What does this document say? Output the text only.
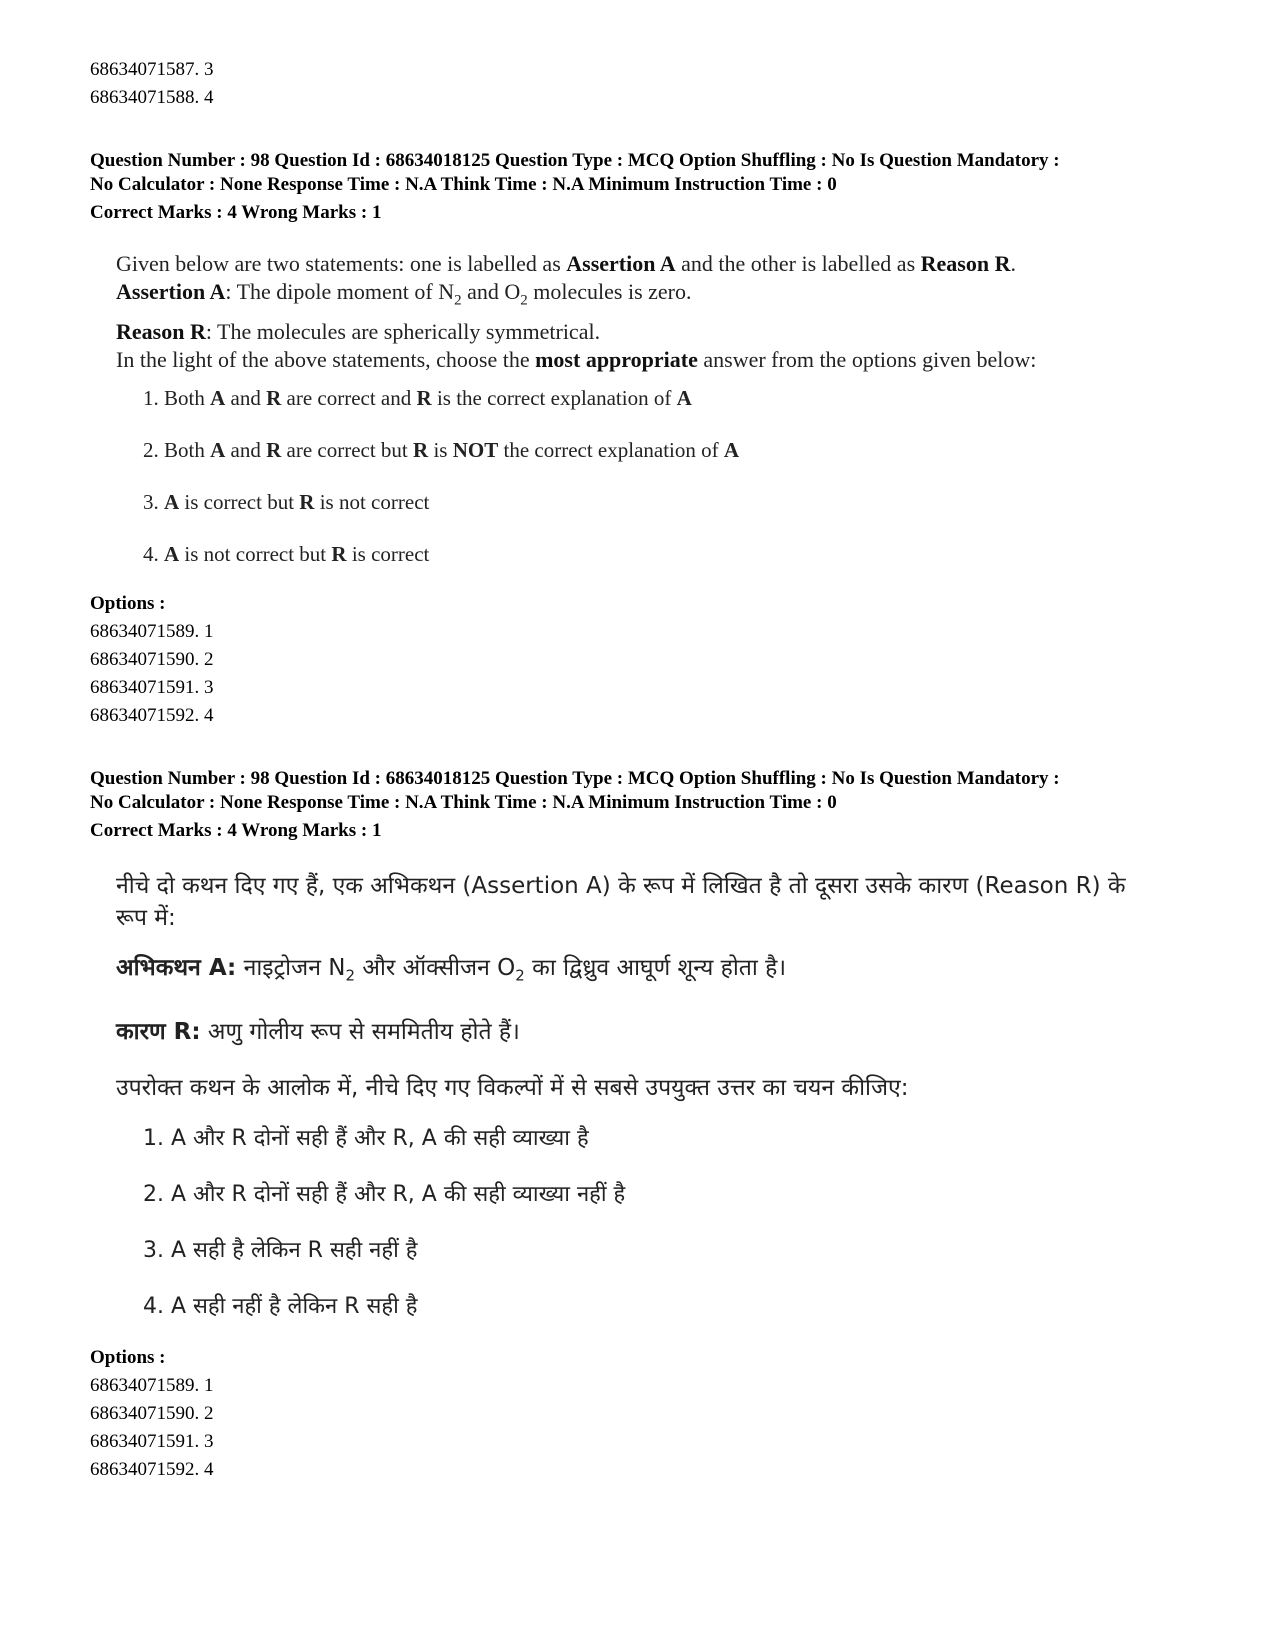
68634071587. 3
68634071588. 4
Question Number : 98 Question Id : 68634018125 Question Type : MCQ Option Shuffling : No Is Question Mandatory :
No Calculator : None Response Time : N.A Think Time : N.A Minimum Instruction Time : 0
Correct Marks : 4 Wrong Marks : 1

Given below are two statements: one is labelled as Assertion A and the other is labelled as Reason R.

Assertion A: The dipole moment of $N_2$ and $O_2$ molecules is zero.

Reason R: The molecules are spherically symmetrical.

In the light of the above statements, choose the most appropriate answer from the options given below:

1. Both A and R are correct and R is the correct explanation of A
2. Both A and R are correct but R is NOT the correct explanation of A
3. A is correct but R is not correct
4. A is not correct but R is correct
Options :
68634071589. 1
68634071590. 2
68634071591. 3
68634071592. 4
Question Number : 98 Question Id : 68634018125 Question Type : MCQ Option Shuffling : No Is Question Mandatory :
No Calculator : None Response Time : N.A Think Time : N.A Minimum Instruction Time : 0
Correct Marks : 4 Wrong Marks : 1

नीचे दो कथन दिए गए हैं, एक अभिकथन (Assertion A) के रूप में लिखित है तो दूसरा उसके कारण (Reason R) के रूप में:

अभिकथन A: नाइट्रोजन $N_2$ और ऑक्सीजन $O_2$ का द्विध्रुव आघूर्ण शून्य होता है।

कारण R: अणु गोलीय रूप से सममितीय होते हैं।

उपरोक्त कथन के आलोक में, नीचे दिए गए विकल्पों में से सबसे उपयुक्त उत्तर का चयन कीजिए:

1. A और R दोनों सही हैं और R, A की सही व्याख्या है
2. A और R दोनों सही हैं और R, A की सही व्याख्या नहीं है
3. A सही है लेकिन R सही नहीं है
4. A सही नहीं है लेकिन R सही है
Options :
68634071589. 1
68634071590. 2
68634071591. 3
68634071592. 4
